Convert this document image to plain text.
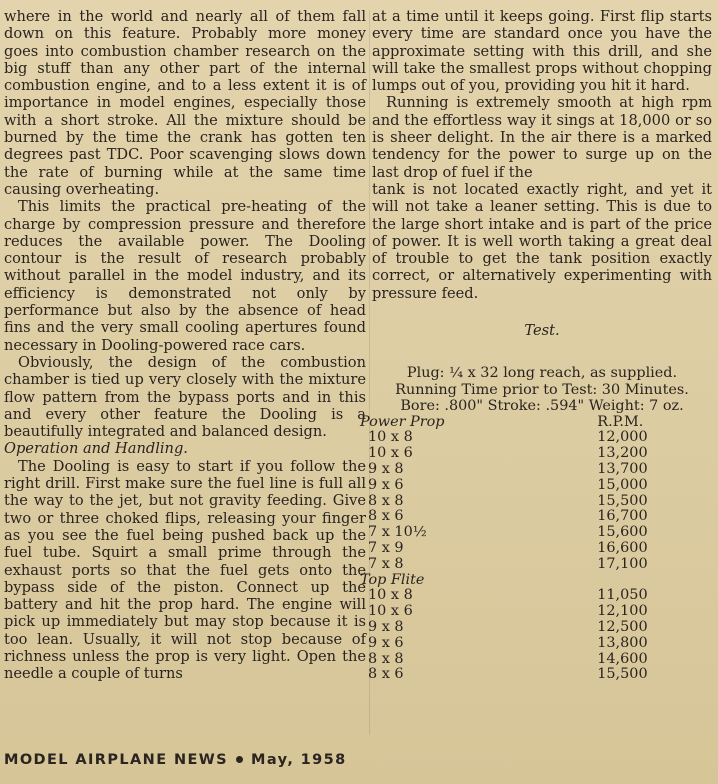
where in the world and nearly all of them fall down on this feature. Probably more money goes into combustion chamber research on the big stuff than any other part of the internal combustion engine, and to a less extent it is of importance in model engines, especially those with a short stroke. All the mixture should be burned by the time the crank has gotten ten degrees past TDC. Poor scavenging slows down the rate of burning while at the same time causing overheating.

This limits the practical pre-heating of the charge by compression pressure and therefore reduces the available power. The Dooling contour is the result of research probably without parallel in the model industry, and its efficiency is demonstrated not only by performance but also by the absence of head fins and the very small cooling apertures found necessary in Dooling-powered race cars.

Obviously, the design of the combustion chamber is tied up very closely with the mixture flow pattern from the bypass ports and in this and every other feature the Dooling is a beautifully integrated and balanced design.

Operation and Handling.

The Dooling is easy to start if you follow the right drill. First make sure the fuel line is full all the way to the jet, but not gravity feeding. Give two or three choked flips, releasing your finger as you see the fuel being pushed back up the fuel tube. Squirt a small prime through the exhaust ports so that the fuel gets onto the bypass side of the piston. Connect up the battery and hit the prop hard. The engine will pick up immediately but may stop because it is too lean. Usually, it will not stop because of richness unless the prop is very light. Open the needle a couple of turns

at a time until it keeps going. First flip starts every time are standard once you have the approximate setting with this drill, and she will take the smallest props without chopping lumps out of you, providing you hit it hard.

Running is extremely smooth at high rpm and the effortless way it sings at 18,000 or so is sheer delight. In the air there is a marked tendency for the power to surge up on the last drop of fuel if the

tank is not located exactly right, and yet it will not take a leaner setting. This is due to the large short intake and is part of the price of power. It is well worth taking a great deal of trouble to get the tank position exactly correct, or alternatively experimenting with pressure feed.

Test.

Plug: ¼ x 32 long reach, as supplied.
Running Time prior to Test: 30 Minutes.
Bore: .800" Stroke: .594" Weight: 7 oz.
Power Prop	R.P.M.
10 x 8	12,000
10 x 6	13,200
9 x 8	13,700
9 x 6	15,000
8 x 8	15,500
8 x 6	16,700
7 x 10½	15,600
7 x 9	16,600
7 x 8	17,100
Top Flite	
10 x 8	11,050
10 x 6	12,100
9 x 8	12,500
9 x 6	13,800
8 x 8	14,600
8 x 6	15,500
MODEL AIRPLANE NEWS May, 1958
